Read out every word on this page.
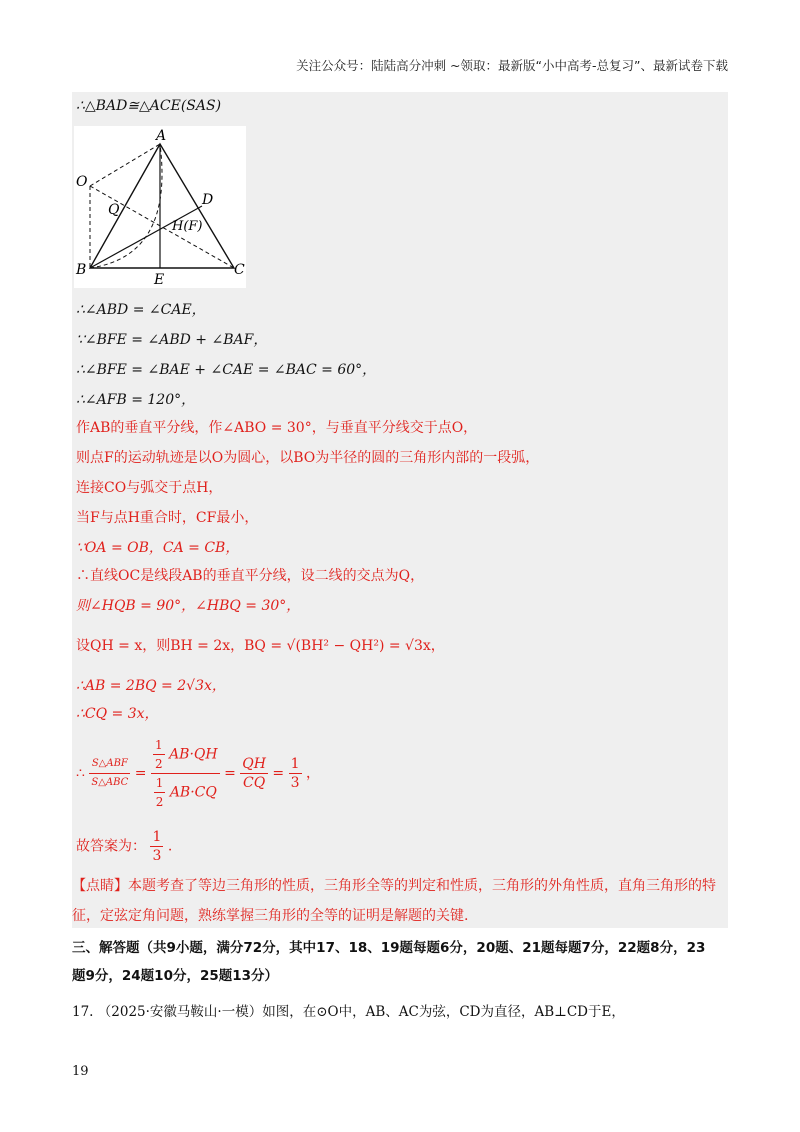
关注公众号：陆陆高分冲刺 ~领取：最新版“小中高考-总复习”、最新试卷下载
∴△BAD≅△ACE(SAS)
A
O
Q
D
H(F)
B
E
C
∴∠ABD = ∠CAE，
∵∠BFE = ∠ABD + ∠BAF，
∴∠BFE = ∠BAE + ∠CAE = ∠BAC = 60°，
∴∠AFB = 120°，
作AB的垂直平分线，作∠ABO = 30°，与垂直平分线交于点O，
则点F的运动轨迹是以O为圆心，以BO为半径的圆的三角形内部的一段弧，
连接CO与弧交于点H，
当F与点H重合时，CF最小，
∵OA = OB，CA = CB，
∴直线OC是线段AB的垂直平分线，设二线的交点为Q，
则∠HQB = 90°，∠HBQ = 30°，
设QH = x，则BH = 2x，BQ = √(BH² − QH²) = √3x，
∴AB = 2BQ = 2√3x，
∴CQ = 3x，
∴ $\frac{\text{S△ABF}}{\text{S△ABC}} = \frac{\frac{1}{2} AB\cdot QH}{\frac{1}{2} AB\cdot CQ} = \frac{QH}{CQ} = \frac{1}{3}$ ，
故答案为： $\frac{1}{3}$ .
【点睛】本题考查了等边三角形的性质，三角形全等的判定和性质，三角形的外角性质，直角三角形的特
征，定弦定角问题，熟练掌握三角形的全等的证明是解题的关键.
三、解答题（共9小题，满分72分，其中17、18、19题每题6分，20题、21题每题7分，22题8分，23
题9分，24题10分，25题13分）
17. （2025·安徽马鞍山·一模）如图，在⊙O中，AB、AC为弦，CD为直径，AB⊥CD于E，
19
